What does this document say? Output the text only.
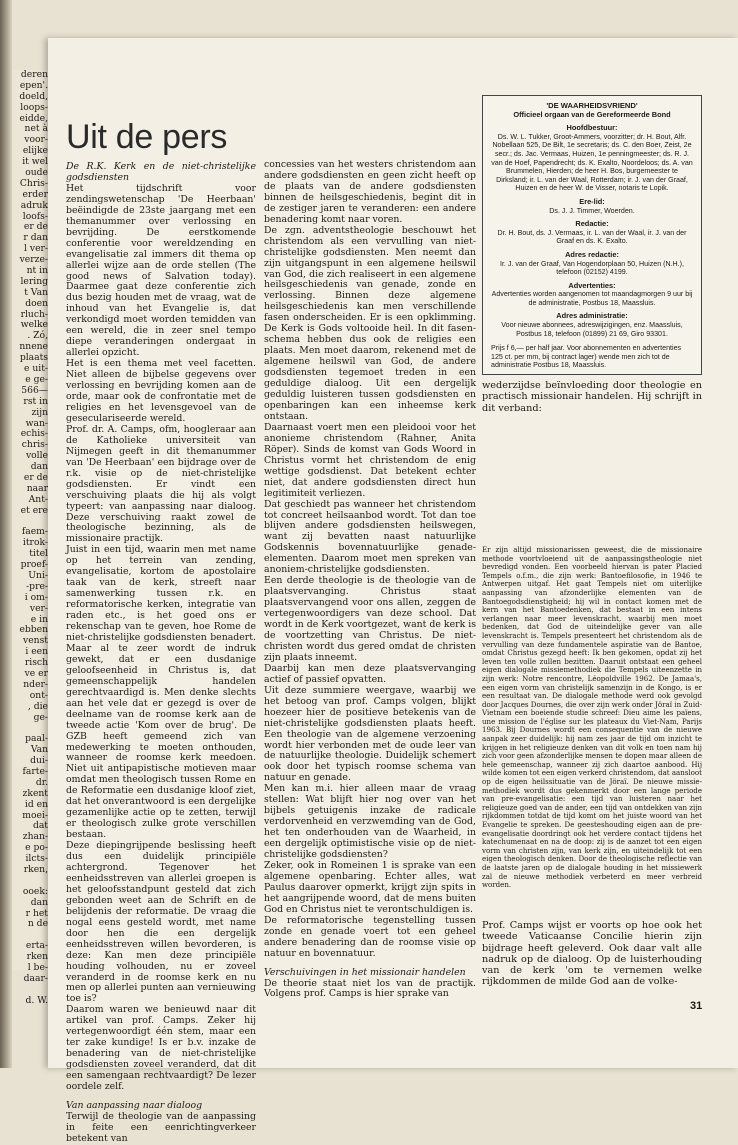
deren
epen'.
doeld,
loops-
eidde,
net à
voor-
elijke
it wel
oude
Chris-
erder
adruk
loofs-
er de
r dan
l ver-
verze-
nt in
lering
t Van
doen
rluch-
welke
. Zó,
nnene
plaats
e uit-
e ge-
566—
rst in
zijn
wan-
echis-
chris-
volle
dan
er de
naar
Ant-
et ere
faem-
itrok-
titel
proef-
Uni-
-pre-
i om-
ver-
e in
ebben
venst
i een
risch
ve er
nder-
ont-
, die
ge-
paal-
Van
dui-
farte-
dr.
zkent
id en
moei-
dat
zhan-
e po-
ilcts-
rken,
ooek:
dan
r het
n de
erta-
rken
l be-
daar-
d. W.
Uit de pers

De R.K. Kerk en de niet-christelijke godsdiensten

Het tijdschrift voor zendingswetenschap 'De Heerbaan' beëindigde de 23ste jaargang met een themanummer over verlossing en bevrijding. De eerstkomende conferentie voor wereldzending en evangelisatie zal immers dit thema op allerlei wijze aan de orde stellen (The good news of Salvation today). Daarmee gaat deze conferentie zich dus bezig houden met de vraag, wat de inhoud van het Evangelie is, dat verkondigd moet worden temidden van een wereld, die in zeer snel tempo diepe veranderingen ondergaat in allerlei opzicht.

Het is een thema met veel facetten. Niet alleen de bijbelse gegevens over verlossing en bevrijding komen aan de orde, maar ook de confrontatie met de religies en het levensgevoel van de geseculariseerde wereld.

Prof. dr. A. Camps, ofm, hoogleraar aan de Katholieke universiteit van Nijmegen geeft in dit themanummer van 'De Heerbaan' een bijdrage over de r.k. visie op de niet-christelijke godsdiensten. Er vindt een verschuiving plaats die hij als volgt typeert: van aanpassing naar dialoog. Deze verschuiving raakt zowel de theologische bezinning, als de missionaire practijk.

Juist in een tijd, waarin men met name op het terrein van zending, evangelisatie, kortom de apostolaire taak van de kerk, streeft naar samenwerking tussen r.k. en reformatorische kerken, integratie van raden etc., is het goed ons er rekenschap van te geven, hoe Rome de niet-christelijke godsdiensten benadert. Maar al te zeer wordt de indruk gewekt, dat er een dusdanige geloofseenheid in Christus is, dat gemeenschappelijk handelen gerechtvaardigd is. Men denke slechts aan het vele dat er gezegd is over de deelname van de roomse kerk aan de tweede actie 'Kom over de brug'. De GZB heeft gemeend zich van medewerking te moeten onthouden, wanneer de roomse kerk meedoen. Niet uit antipapistische motieven maar omdat men theologisch tussen Rome en de Reformatie een dusdanige kloof ziet, dat het onverantwoord is een dergelijke gezamenlijke actie op te zetten, terwijl er theologisch zulke grote verschillen bestaan.

Deze diepingrijpende beslissing heeft dus een duidelijk principiële achtergrond. Tegenover het eenheidsstreven van allerlei groepen is het geloofsstandpunt gesteld dat zich gebonden weet aan de Schrift en de belijdenis der reformatie. De vraag die nogal eens gesteld wordt, met name door hen die een dergelijk eenheidsstreven willen bevorderen, is deze: Kan men deze principiële houding volhouden, nu er zoveel veranderd in de roomse kerk en nu men op allerlei punten aan vernieuwing toe is?

Daarom waren we benieuwd naar dit artikel van prof. Camps. Zeker hij vertegenwoordigt één stem, maar een ter zake kundige! Is er b.v. inzake de benadering van de niet-christelijke godsdiensten zoveel veranderd, dat dit een samengaan rechtvaardigt? De lezer oordele zelf.

Van aanpassing naar dialoog

Terwijl de theologie van de aanpassing in feite een eenrichtingverkeer betekent van

concessies van het westers christendom aan andere godsdiensten en geen zicht heeft op de plaats van de andere godsdiensten binnen de heilsgeschiedenis, begint dit in de zestiger jaren te veranderen: een andere benadering komt naar voren.

De zgn. adventstheologie beschouwt het christendom als een vervulling van niet-christelijke godsdiensten. Men neemt dan zijn uitgangspunt in een algemene heilswil van God, die zich realiseert in een algemene heilsgeschiedenis van genade, zonde en verlossing. Binnen deze algemene heilsgeschiedenis kan men verschillende fasen onderscheiden. Er is een opklimming. De Kerk is Gods voltooide heil. In dit fasen-schema hebben dus ook de religies een plaats. Men moet daarom, rekenend met de algemene heilswil van God, de andere godsdiensten tegemoet treden in een geduldige dialoog. Uit een dergelijk geduldig luisteren tussen godsdiensten en openbaringen kan een inheemse kerk ontstaan.

Daarnaast voert men een pleidooi voor het anonieme christendom (Rahner, Anita Röper). Sinds de komst van Gods Woord in Christus vormt het christendom de enig wettige godsdienst. Dat betekent echter niet, dat andere godsdiensten direct hun legitimiteit verliezen.

Dat geschiedt pas wanneer het christendom tot concreet heilsaanbod wordt. Tot dan toe blijven andere godsdiensten heilswegen, want zij bevatten naast natuurlijke Godskennis bovennatuurlijke genade-elementen. Daarom moet men spreken van anoniem-christelijke godsdiensten.

Een derde theologie is de theologie van de plaatsvervanging. Christus staat plaatsvervangend voor ons allen, zeggen de vertegenwoordigers van deze school. Dat wordt in de Kerk voortgezet, want de kerk is de voortzetting van Christus. De niet-christen wordt dus gered omdat de christen zijn plaats inneemt.

Daarbij kan men deze plaatsvervanging actief of passief opvatten.

Uit deze summiere weergave, waarbij we het betoog van prof. Camps volgen, blijkt hoezeer hier de positieve betekenis van de niet-christelijke godsdiensten plaats heeft. Een theologie van de algemene verzoening wordt hier verbonden met de oude leer van de natuurlijke theologie. Duidelijk schemert ook door het typisch roomse schema van natuur en genade.

Men kan m.i. hier alleen maar de vraag stellen: Wat blijft hier nog over van het bijbels getuigenis inzake de radicale verdorvenheid en verzwemding van de God, het ten onderhouden van de Waarheid, in een dergelijk optimistische visie op de niet-christelijke godsdiensten?

Zeker, ook in Romeinen 1 is sprake van een algemene openbaring. Echter alles, wat Paulus daarover opmerkt, krijgt zijn spits in het aangrijpende woord, dat de mens buiten God en Christus niet te verontschuldigen is.

De reformatorische tegenstelling tussen zonde en genade voert tot een geheel andere benadering dan de roomse visie op natuur en bovennatuur.

Verschuivingen in het missionair handelen

De theorie staat niet los van de practijk. Volgens prof. Camps is hier sprake van

'DE WAARHEIDSVRIEND'
Officieel orgaan van de Gereformeerde Bond
Hoofdbestuur:
Ds. W. L. Tukker, Groot-Ammers, voorzitter; dr. H. Bout, Alfr. Nobellaan 525, De Bilt, 1e secretaris; ds. C. den Boer, Zeist, 2e secr.; ds. Jac. Vermaas, Huizen, 1e penningmeester; ds. R. J. van de Hoef, Papendrecht; ds. K. Exalto, Noordeloos; ds. A. van Brummelen, Hierden; de heer H. Bos, burgemeester te Dirksland; ir. L. van der Waal, Rotterdam; ir. J. van der Graaf, Huizen en de heer W. de Visser, notaris te Lopik.
Ere-lid:
Ds. J. J. Timmer, Woerden.
Redactie:
Dr. H. Bout, ds. J. Vermaas, ir. L. van der Waal, ir. J. van der Graaf en ds. K. Exalto.
Adres redactie:
Ir. J. van der Graaf, Van Hogendorplaan 50, Huizen (N.H.), telefoon (02152) 4199.
Advertenties:
Advertenties worden aangenomen tot maandagmorgen 9 uur bij de administratie, Postbus 18, Maassluis.
Adres administratie:
Voor nieuwe abonnees, adreswijzigingen, enz. Maassluis, Postbus 18, telefoon (01899) 21 69, Giro 93301.
Prijs f 6,— per half jaar. Voor abonnementen en advertenties 125 ct. per mm, bij contract lager) wende men zich tot de administratie Postbus 18, Maassluis.

wederzijdse beïnvloeding door theologie en practisch missionair handelen. Hij schrijft in dit verband:

Er zijn altijd missionarissen geweest, die de missionaire methode voortvloeiend uit de aanpassingstheologie niet bevredigd vonden. Een voorbeeld hiervan is pater Placied Tempels o.f.m., die zijn werk: Bantoefilosofie, in 1946 te Antwerpen uitgaf. Het gaat Tempels niet om uiterlijke aanpassing van afzonderlijke elementen van de Bantoegodsdienstigheid; hij wil in contact komen met de kern van het Bantoedenken, dat bestaat in een intens verlangen naar meer levenskracht, waarbij men moet bedenken, dat God de uiteindelijke gever van alle levenskracht is. Tempels presenteert het christendom als de vervulling van deze fundamentele aspiratie van de Bantoe, omdat Christus gezegd heeft: Ik ben gekomen, opdat zij het leven ten volle zullen bezitten. Daaruit ontstaat een geheel eigen dialogale missiemethodiek die Tempels uiteenzette in zijn werk: Notre rencontre, Léopoldville 1962. De Jamaa's, een eigen vorm van christelijk samenzijn in de Kongo, is er een resultaat van. De dialogale methode werd ook gevolgd door Jacques Dournes, die over zijn werk onder Jöraï in Zuid-Vietnam een boeiende studie schreef: Dieu aime les païens, une mission de l'église sur les plateaux du Viet-Nam, Parijs 1963. Bij Dournes wordt een consequentie van de nieuwe aanpak zeer duidelijk: hij nam zes jaar de tijd om inzicht te krijgen in het religieuze denken van dit volk en toen nam hij zich voor geen afzonderlijke mensen te dopen maar alleen de hele gemeenschap, wanneer zij zich daartoe aanbood. Hij wilde komen tot een eigen verkerd christendom, dat aansloot op de eigen heilssituatie van de Jöraï. De nieuwe missie-methodiek wordt dus gekenmerkt door een lange periode van pre-evangelisatie: een tijd van luisteren naar het religieuze goed van de ander, een tijd van ontdekken van zijn rijkdommen totdat de tijd komt om het juiste woord van het Evangelie te spreken. De geesteshouding eigen aan de pre-evangelisatie doordringt ook het verdere contact tijdens het katechumenaat en na de doop: zij is de aanzet tot een eigen vorm van christen zijn, van kerk zijn, en uiteindelijk tot een eigen theologisch denken. Door de theologische reflectie van de laatste jaren op de dialogale houding in het missiewerk zal de nieuwe methodiek verbeterd en meer verbreid worden.

Prof. Camps wijst er voorts op hoe ook het tweede Vaticaanse Concilie hierin zijn bijdrage heeft geleverd. Ook daar valt alle nadruk op de dialoog. Op de luisterhouding van de kerk 'om te vernemen welke rijkdommen de milde God aan de volke-

31
